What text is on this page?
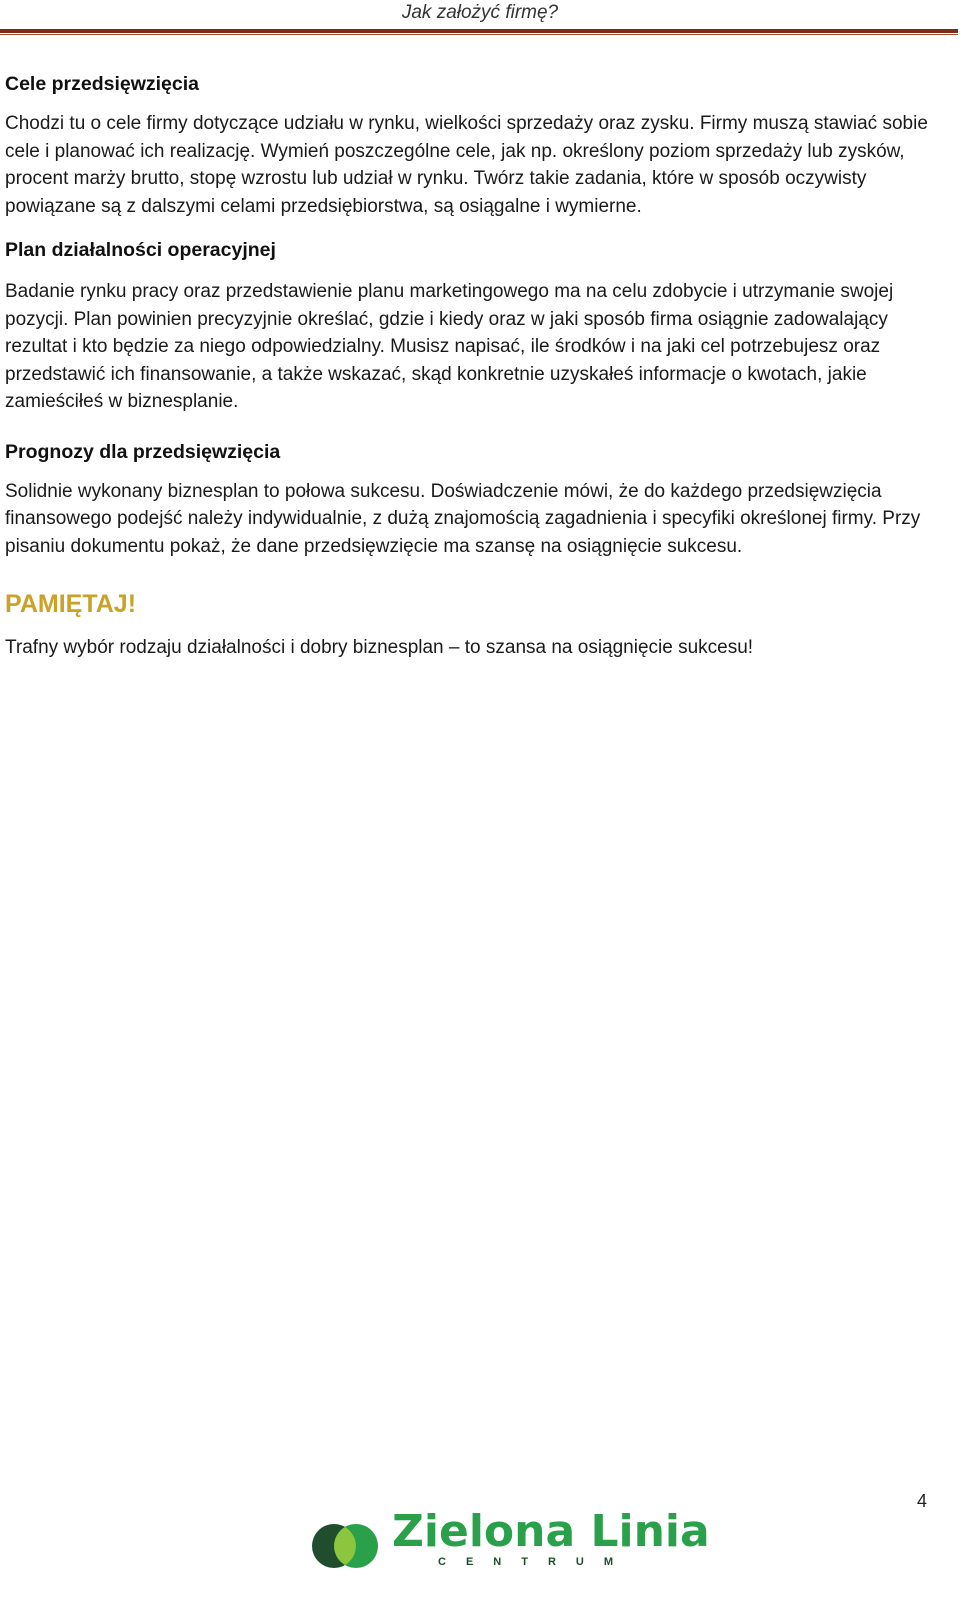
Jak założyć firmę?
Cele przedsięwzięcia

Chodzi tu o cele firmy dotyczące udziału w rynku, wielkości sprzedaży oraz zysku. Firmy muszą stawiać sobie cele i planować ich realizację. Wymień poszczególne cele, jak np. określony poziom sprzedaży lub zysków, procent marży brutto, stopę wzrostu lub udział w rynku. Twórz takie zadania, które w sposób oczywisty powiązane są z dalszymi celami przedsiębiorstwa, są osiągalne i wymierne.

Plan działalności operacyjnej

Badanie rynku pracy oraz przedstawienie planu marketingowego ma na celu zdobycie i utrzymanie swojej pozycji. Plan powinien precyzyjnie określać, gdzie i kiedy oraz w jaki sposób firma osiągnie zadowalający rezultat i kto będzie za niego odpowiedzialny. Musisz napisać, ile środków i na jaki cel potrzebujesz oraz przedstawić ich finansowanie, a także wskazać, skąd konkretnie uzyskałeś informacje o kwotach, jakie zamieściłeś w biznesplanie.

Prognozy dla przedsięwzięcia

Solidnie wykonany biznesplan to połowa sukcesu. Doświadczenie mówi, że do każdego przedsięwzięcia finansowego podejść należy indywidualnie, z dużą znajomością zagadnienia i specyfiki określonej firmy. Przy pisaniu dokumentu pokaż, że dane przedsięwzięcie ma szansę na osiągnięcie sukcesu.

PAMIĘTAJ!

Trafny wybór rodzaju działalności i dobry biznesplan – to szansa na osiągnięcie sukcesu!

4
Zielona Linia
CENTRUM
